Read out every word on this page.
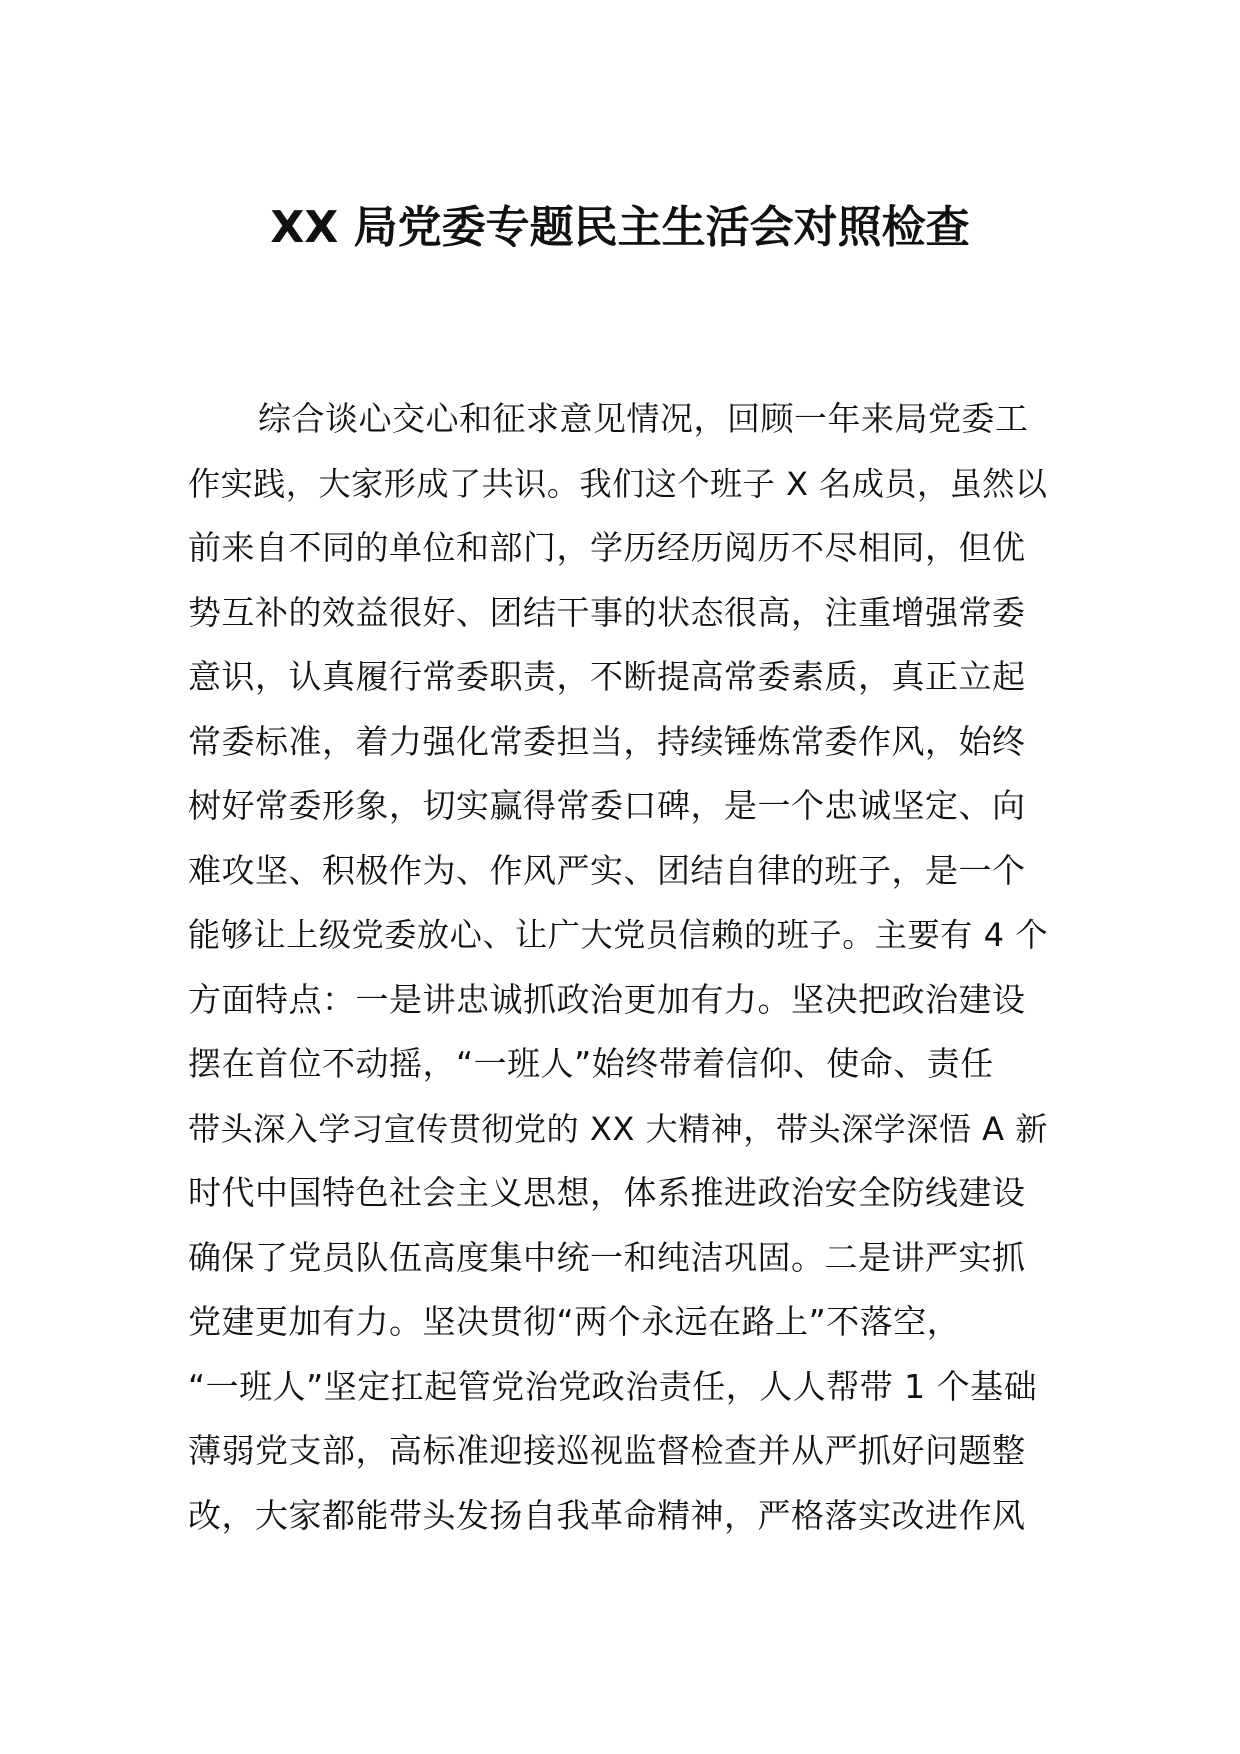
XX 局党委专题民主生活会对照检查
综合谈心交心和征求意见情况，回顾一年来局党委工
作实践，大家形成了共识。我们这个班子 X 名成员，虽然以
前来自不同的单位和部门，学历经历阅历不尽相同，但优
势互补的效益很好、团结干事的状态很高，注重增强常委
意识，认真履行常委职责，不断提高常委素质，真正立起
常委标准，着力强化常委担当，持续锤炼常委作风，始终
树好常委形象，切实赢得常委口碑，是一个忠诚坚定、向
难攻坚、积极作为、作风严实、团结自律的班子，是一个
能够让上级党委放心、让广大党员信赖的班子。主要有 4 个
方面特点：一是讲忠诚抓政治更加有力。坚决把政治建设
摆在首位不动摇，“一班人”始终带着信仰、使命、责任
带头深入学习宣传贯彻党的 XX 大精神，带头深学深悟 A 新
时代中国特色社会主义思想，体系推进政治安全防线建设
确保了党员队伍高度集中统一和纯洁巩固。二是讲严实抓
党建更加有力。坚决贯彻“两个永远在路上”不落空，
“一班人”坚定扛起管党治党政治责任，人人帮带 1 个基础
薄弱党支部，高标准迎接巡视监督检查并从严抓好问题整
改，大家都能带头发扬自我革命精神，严格落实改进作风
